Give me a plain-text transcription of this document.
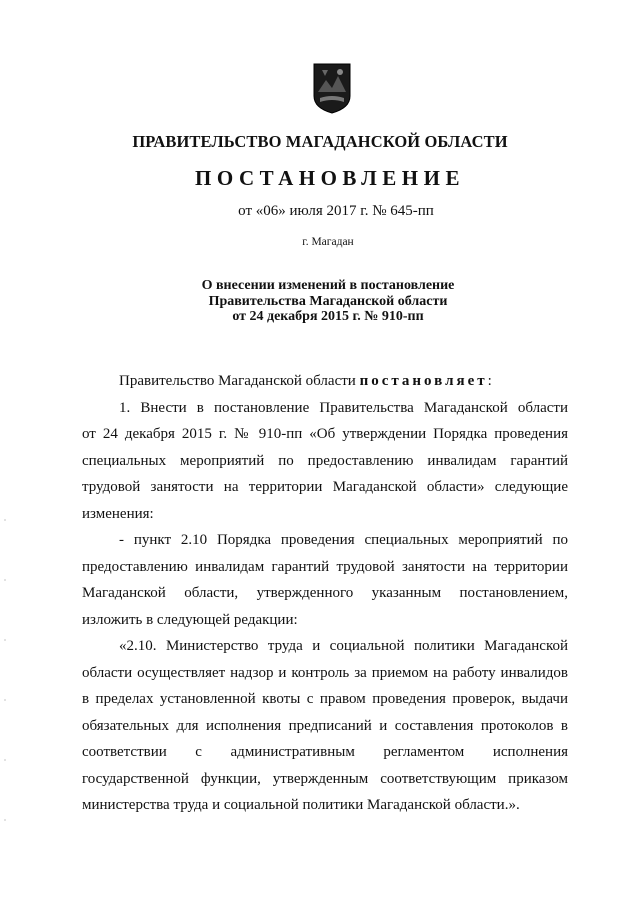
ПРАВИТЕЛЬСТВО МАГАДАНСКОЙ ОБЛАСТИ
ПОСТАНОВЛЕНИЕ
от «06» июля 2017 г. № 645-пп
г. Магадан
О внесении изменений в постановление
Правительства Магаданской области
от 24 декабря 2015 г. № 910-пп
Правительство Магаданской области постановляет:
1. Внести в постановление Правительства Магаданской области
от 24 декабря 2015 г. № 910-пп «Об утверждении Порядка проведения
специальных мероприятий по предоставлению инвалидам гарантий
трудовой занятости на территории Магаданской области» следующие
изменения:
- пункт 2.10 Порядка проведения специальных мероприятий по
предоставлению инвалидам гарантий трудовой занятости на территории
Магаданской области, утвержденного указанным постановлением,
изложить в следующей редакции:
«2.10. Министерство труда и социальной политики Магаданской
области осуществляет надзор и контроль за приемом на работу инвалидов
в пределах установленной квоты с правом проведения проверок, выдачи
обязательных для исполнения предписаний и составления протоколов в
соответствии с административным регламентом исполнения
государственной функции, утвержденным соответствующим приказом
министерства труда и социальной политики Магаданской области.».
